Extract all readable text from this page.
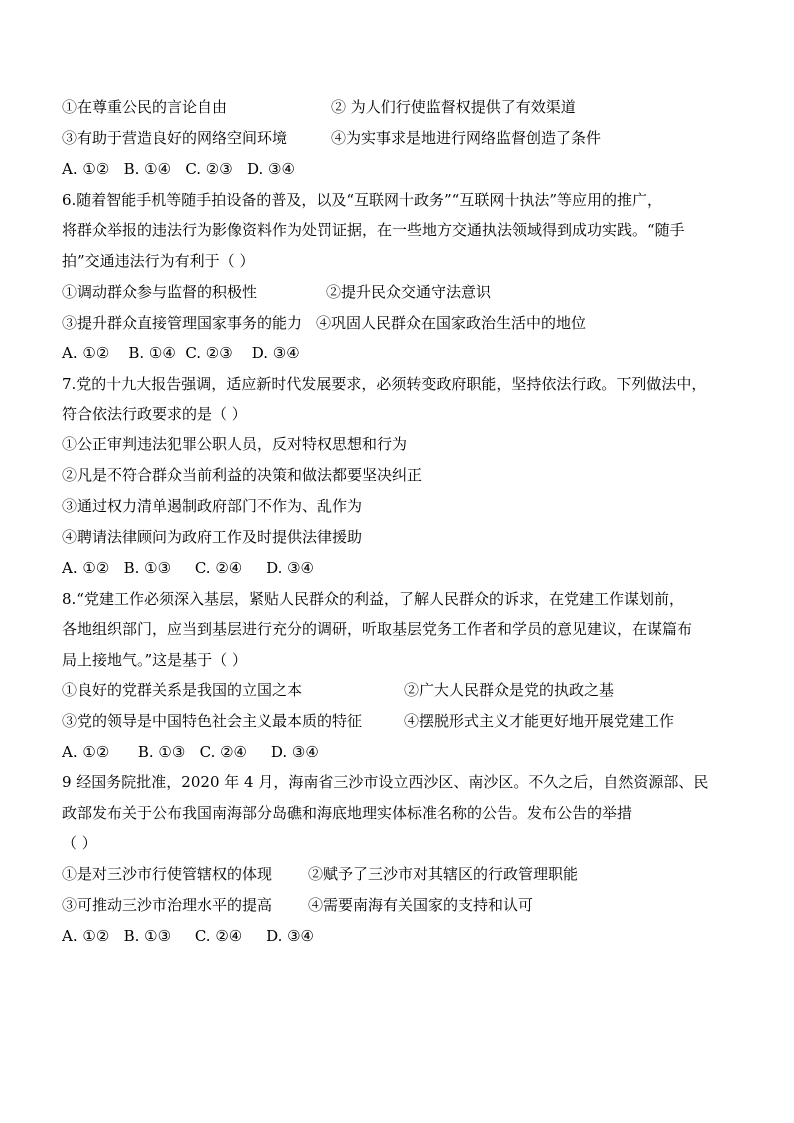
①在尊重公民的言论自由	② 为人们行使监督权提供了有效渠道
③有助于营造良好的网络空间环境	④为实事求是地进行网络监督创造了条件
A. ①②   B. ①④   C. ②③   D. ③④
6.随着智能手机等随手拍设备的普及，以及“互联网十政务”“互联网十执法”等应用的推广，
将群众举报的违法行为影像资料作为处罚证据，在一些地方交通执法领域得到成功实践。“随手
拍”交通违法行为有利于（ ）
①调动群众参与监督的积极性	②提升民众交通守法意识
③提升群众直接管理国家事务的能力 ④巩固人民群众在国家政治生活中的地位
A. ①②    B. ①④  C. ②③    D. ③④
7.党的十九大报告强调，适应新时代发展要求，必须转变政府职能，坚持依法行政。下列做法中，
符合依法行政要求的是（ ）
①公正审判违法犯罪公职人员，反对特权思想和行为
②凡是不符合群众当前利益的决策和做法都要坚决纠正
③通过权力清单遏制政府部门不作为、乱作为
④聘请法律顾问为政府工作及时提供法律援助
A. ①②   B. ①③     C. ②④     D. ③④
8.“党建工作必须深入基层，紧贴人民群众的利益，了解人民群众的诉求，在党建工作谋划前，
各地组织部门，应当到基层进行充分的调研，听取基层党务工作者和学员的意见建议，在谋篇布
局上接地气。”这是基于（ ）
①良好的党群关系是我国的立国之本	②广大人民群众是党的执政之基
③党的领导是中国特色社会主义最本质的特征	④摆脱形式主义才能更好地开展党建工作
A. ①②      B. ①③   C. ②④     D. ③④
9 经国务院批准，2020 年 4 月，海南省三沙市设立西沙区、南沙区。不久之后，自然资源部、民
政部发布关于公布我国南海部分岛礁和海底地理实体标准名称的公告。发布公告的举措
（ ）
①是对三沙市行使管辖权的体现 ②赋予了三沙市对其辖区的行政管理职能
③可推动三沙市治理水平的提高 ④需要南海有关国家的支持和认可
A. ①②   B. ①③     C. ②④     D. ③④
